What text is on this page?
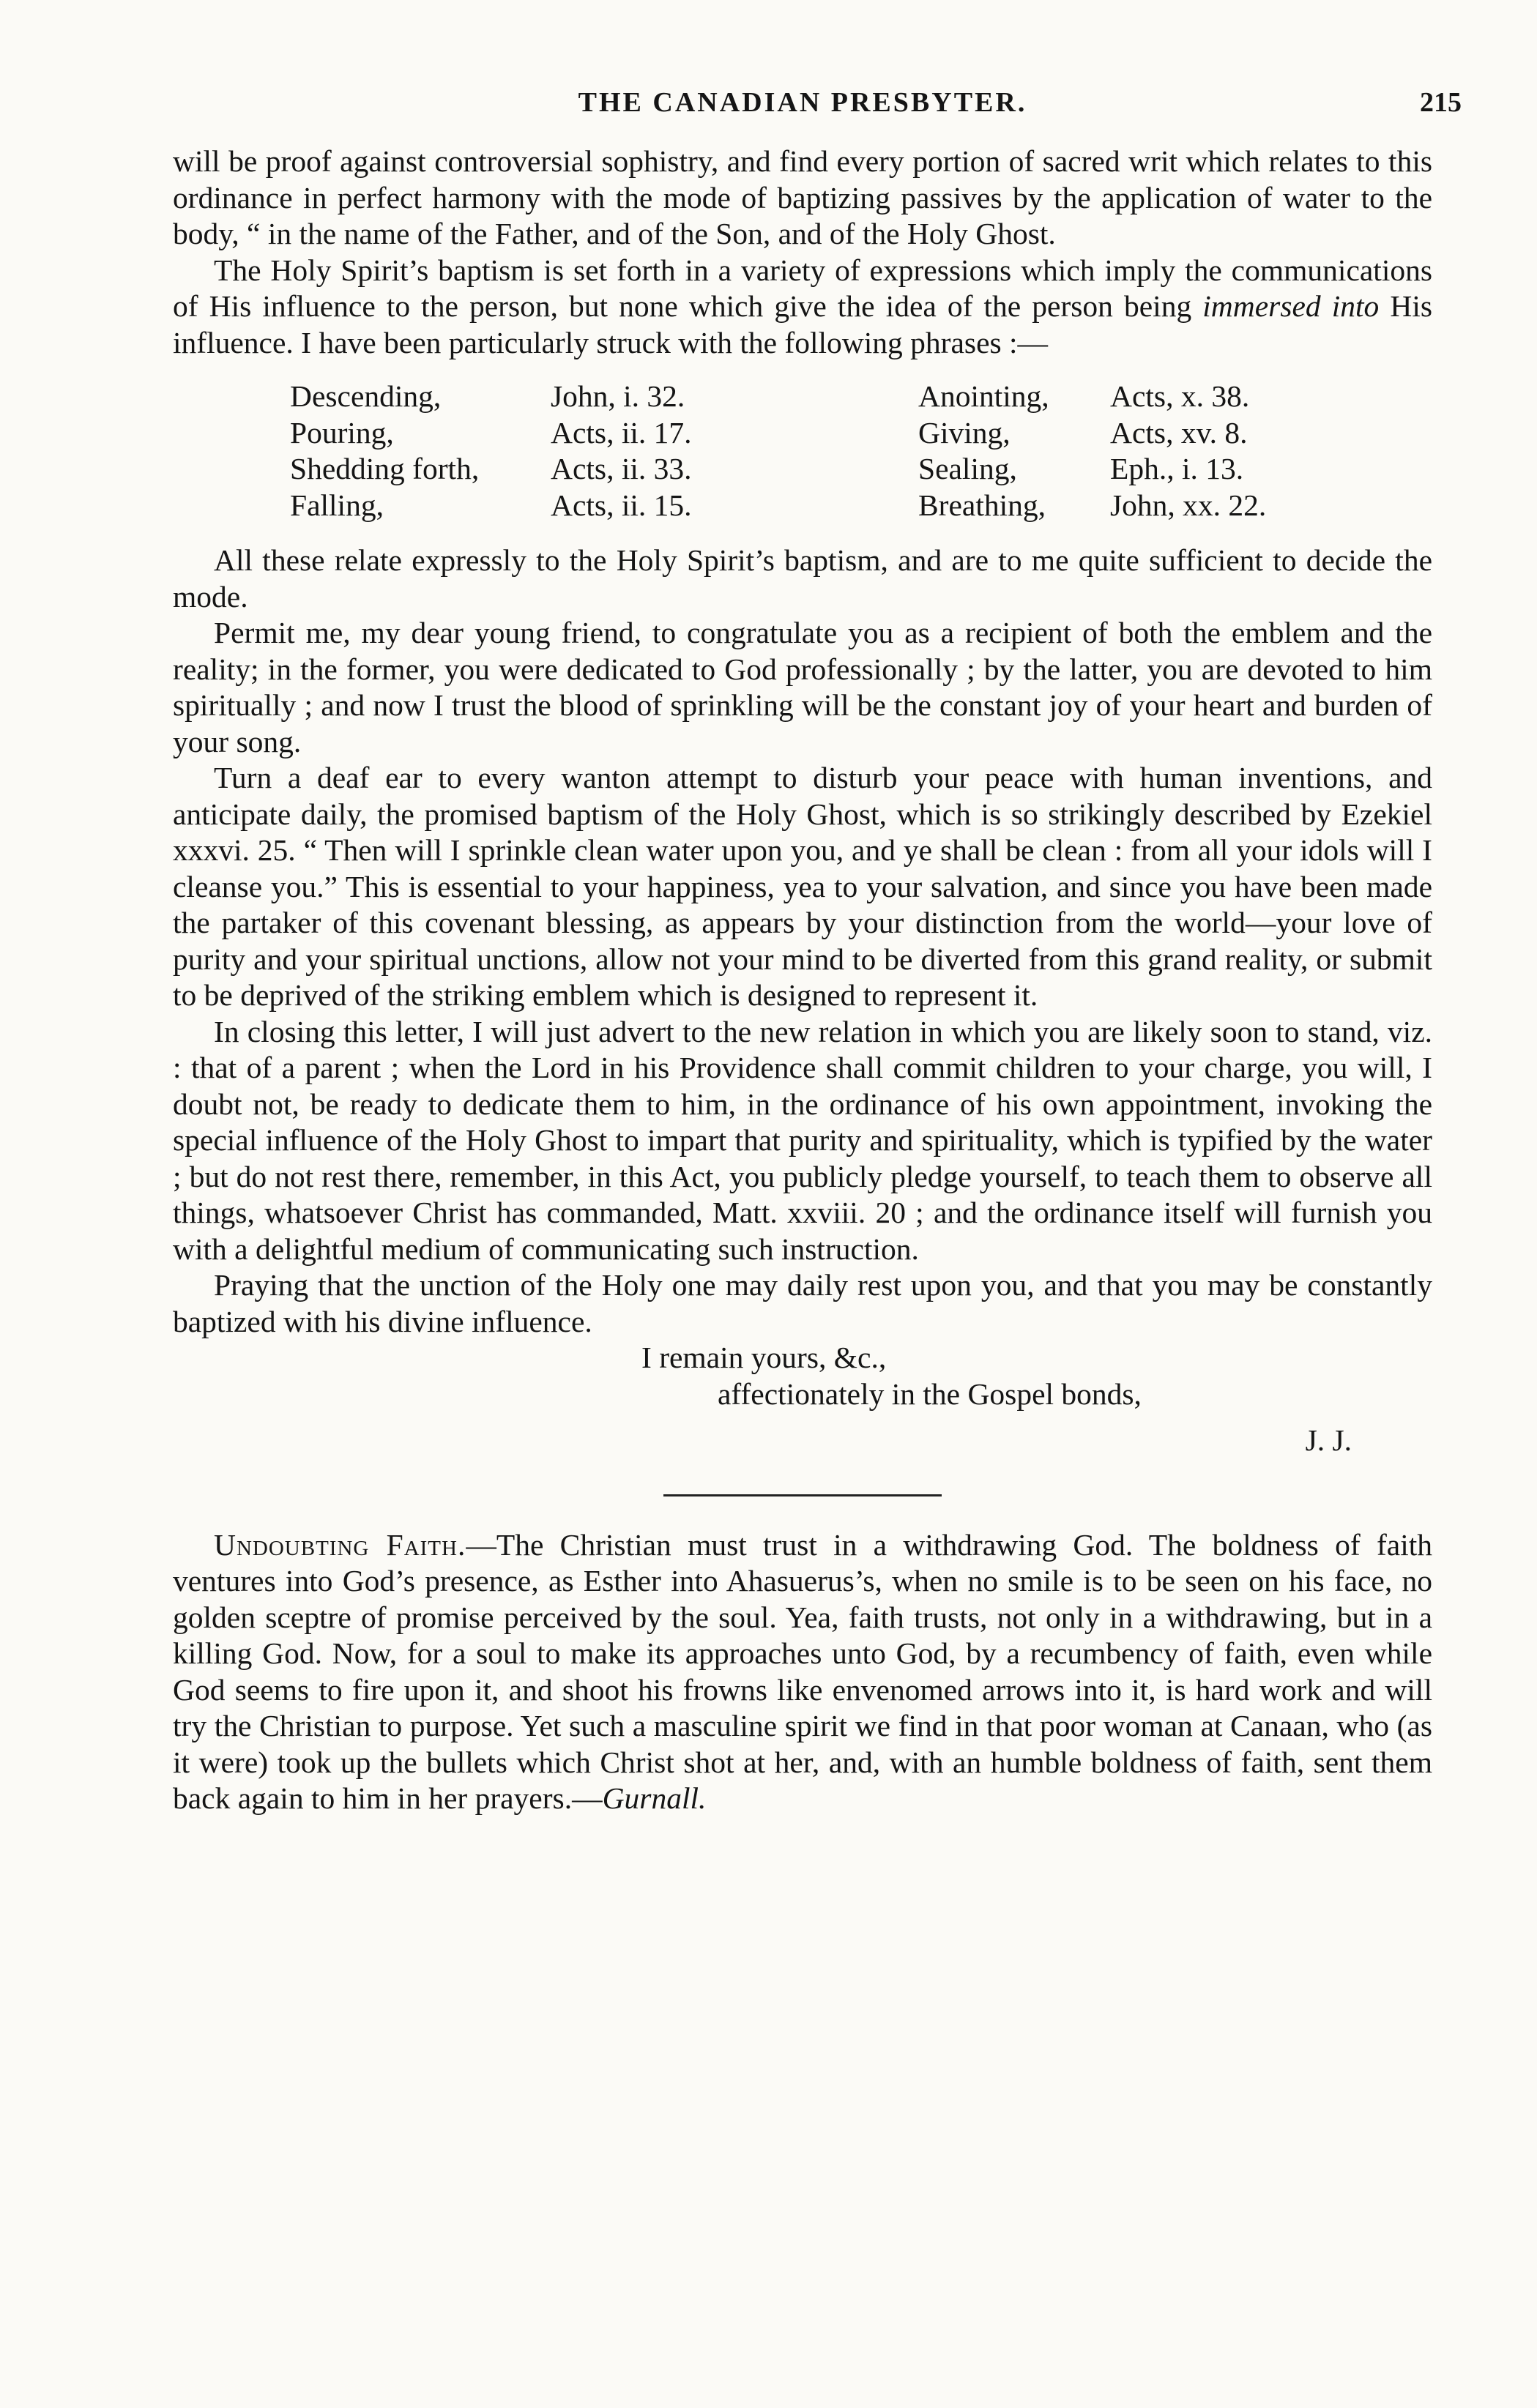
THE CANADIAN PRESBYTER.	215

will be proof against controversial sophistry, and find every portion of sacred writ which relates to this ordinance in perfect harmony with the mode of baptizing passives by the application of water to the body, “ in the name of the Father, and of the Son, and of the Holy Ghost.

The Holy Spirit’s baptism is set forth in a variety of expressions which imply the communications of His influence to the person, but none which give the idea of the person being immersed into His influence. I have been particularly struck with the following phrases :—

Descending,	John, i. 32.	Anointing,	Acts, x. 38.
Pouring,	Acts, ii. 17.	Giving,	Acts, xv. 8.
Shedding forth,	Acts, ii. 33.	Sealing,	Eph., i. 13.
Falling,	Acts, ii. 15.	Breathing,	John, xx. 22.

All these relate expressly to the Holy Spirit’s baptism, and are to me quite sufficient to decide the mode.

Permit me, my dear young friend, to congratulate you as a recipient of both the emblem and the reality; in the former, you were dedicated to God professionally ; by the latter, you are devoted to him spiritually ; and now I trust the blood of sprinkling will be the constant joy of your heart and burden of your song.

Turn a deaf ear to every wanton attempt to disturb your peace with human inventions, and anticipate daily, the promised baptism of the Holy Ghost, which is so strikingly described by Ezekiel xxxvi. 25. “ Then will I sprinkle clean water upon you, and ye shall be clean : from all your idols will I cleanse you.” This is essential to your happiness, yea to your salvation, and since you have been made the partaker of this covenant blessing, as appears by your distinction from the world—your love of purity and your spiritual unctions, allow not your mind to be diverted from this grand reality, or submit to be deprived of the striking emblem which is designed to represent it.

In closing this letter, I will just advert to the new relation in which you are likely soon to stand, viz. : that of a parent ; when the Lord in his Providence shall commit children to your charge, you will, I doubt not, be ready to dedicate them to him, in the ordinance of his own appointment, invoking the special influence of the Holy Ghost to impart that purity and spirituality, which is typified by the water ; but do not rest there, remember, in this Act, you publicly pledge yourself, to teach them to observe all things, whatsoever Christ has commanded, Matt. xxviii. 20 ; and the ordinance itself will furnish you with a delightful medium of communicating such instruction.

Praying that the unction of the Holy one may daily rest upon you, and that you may be constantly baptized with his divine influence.

I remain yours, &c.,
affectionately in the Gospel bonds,
J. J.

Undoubting Faith.—The Christian must trust in a withdrawing God. The boldness of faith ventures into God’s presence, as Esther into Ahasuerus’s, when no smile is to be seen on his face, no golden sceptre of promise perceived by the soul. Yea, faith trusts, not only in a withdrawing, but in a killing God. Now, for a soul to make its approaches unto God, by a recumbency of faith, even while God seems to fire upon it, and shoot his frowns like envenomed arrows into it, is hard work and will try the Christian to purpose. Yet such a masculine spirit we find in that poor woman at Canaan, who (as it were) took up the bullets which Christ shot at her, and, with an humble boldness of faith, sent them back again to him in her prayers.—Gurnall.
